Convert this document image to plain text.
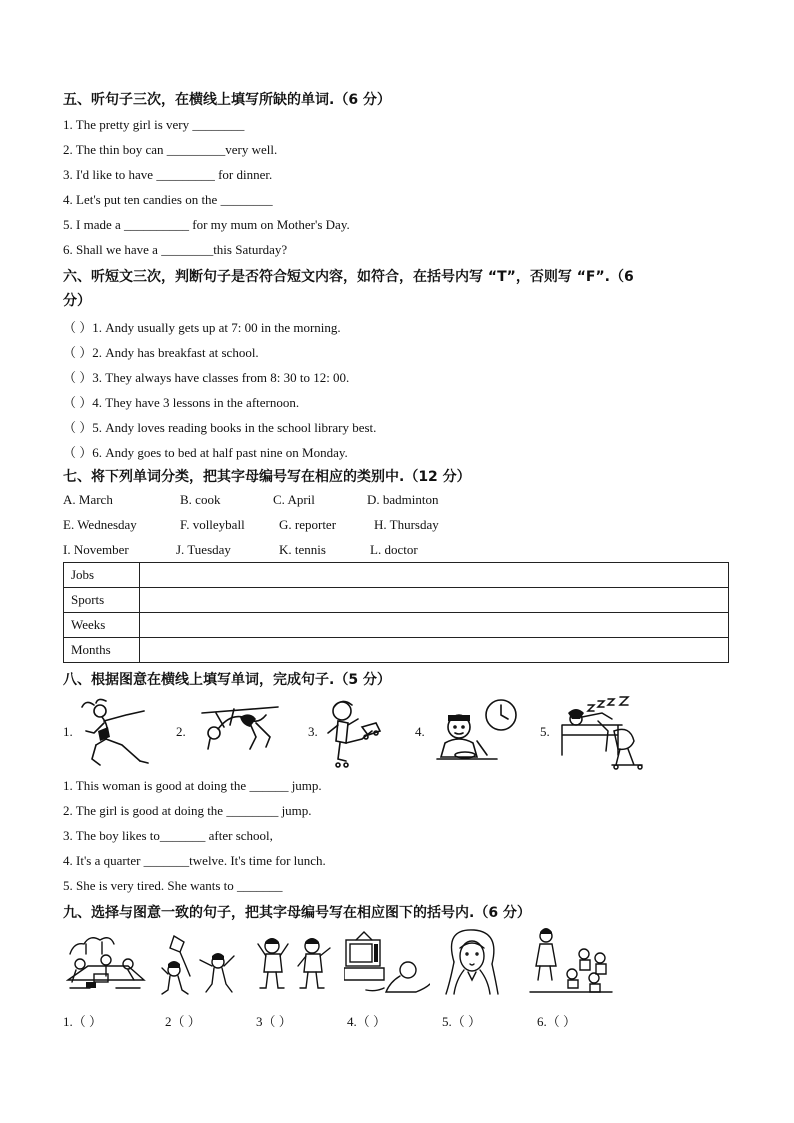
五、听句子三次，在横线上填写所缺的单词.（6 分）
1. The pretty girl is very ________
2. The thin boy can _________very well.
3. I'd like to have _________ for dinner.
4. Let's put ten candies on the ________
5. I made a __________ for my mum on Mother's Day.
6. Shall we have a ________this Saturday?
六、听短文三次，判断句子是否符合短文内容，如符合，在括号内写 “T”，否则写 “F”.（6
分）
（ ）1. Andy usually gets up at 7: 00 in the morning.
（ ）2. Andy has breakfast at school.
（ ）3. They always have classes from 8: 30 to 12: 00.
（ ）4. They have 3 lessons in the afternoon.
（ ）5. Andy loves reading books in the school library best.
（ ）6. Andy goes to bed at half past nine on Monday.
七、将下列单词分类，把其字母编号写在相应的类别中.（12 分）
A. March	B. cook	C. April	D. badminton
E. Wednesday	F. volleyball	G. reporter	H. Thursday
I. November	J. Tuesday	K. tennis	L. doctor
Jobs	
Sports	
Weeks	
Months	
八、根据图意在横线上填写单词，完成句子.（5 分）
1.	2.	3.	4.	5.
1. This woman is good at doing the ______ jump.
2. The girl is good at doing the ________ jump.
3. The boy likes to_______ after school,
4. It's a quarter _______twelve. It's time for lunch.
5. She is very tired. She wants to _______
九、选择与图意一致的句子，把其字母编号写在相应图下的括号内.（6 分）
1.（ ）	2（ ）	3（ ）	4.（ ）	5.（ ）	6.（ ）
